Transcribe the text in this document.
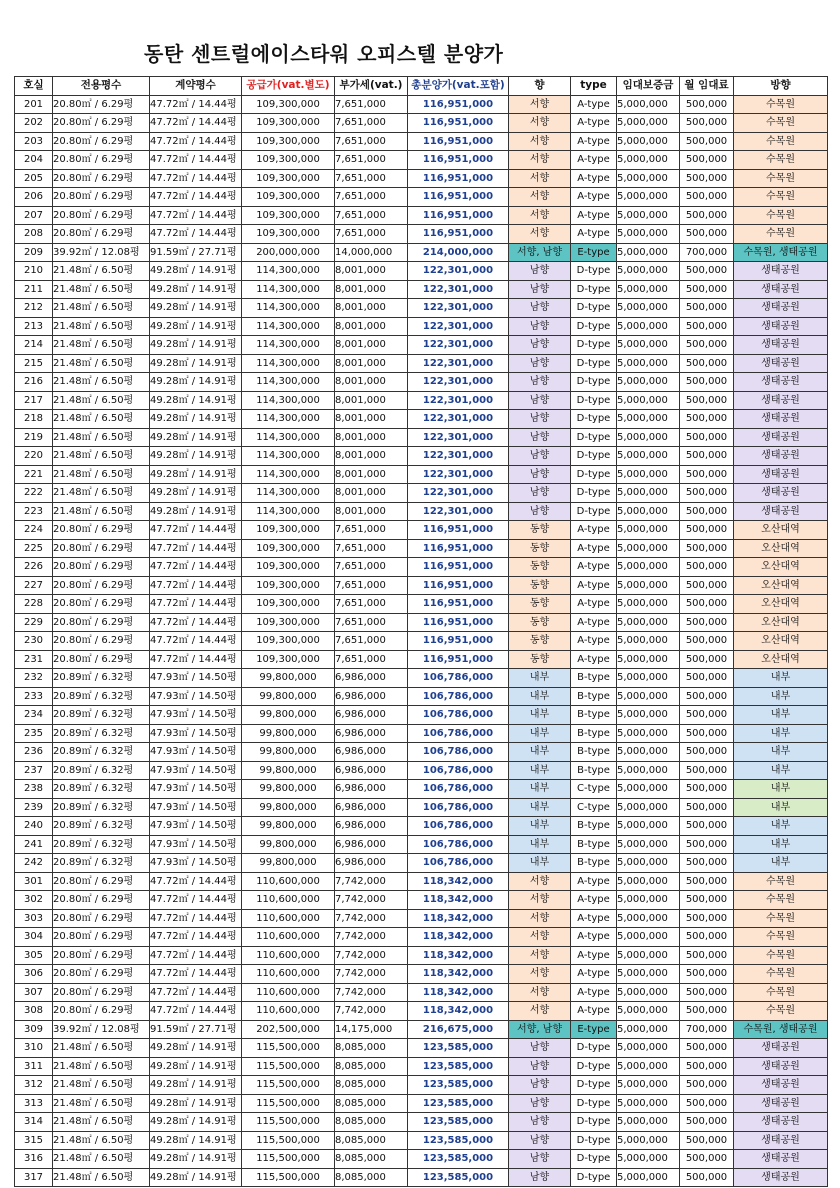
동탄 센트럴에이스타워 오피스텔 분양가
호실	전용평수	계약평수	공급가(vat.별도)	부가세(vat.)	총분양가(vat.포함)	향	type	임대보증금	월 임대료	방향
201	20.80㎡ / 6.29평	47.72㎡ / 14.44평	109,300,000	7,651,000	116,951,000	서향	A-type	5,000,000	500,000	수목원
202	20.80㎡ / 6.29평	47.72㎡ / 14.44평	109,300,000	7,651,000	116,951,000	서향	A-type	5,000,000	500,000	수목원
203	20.80㎡ / 6.29평	47.72㎡ / 14.44평	109,300,000	7,651,000	116,951,000	서향	A-type	5,000,000	500,000	수목원
204	20.80㎡ / 6.29평	47.72㎡ / 14.44평	109,300,000	7,651,000	116,951,000	서향	A-type	5,000,000	500,000	수목원
205	20.80㎡ / 6.29평	47.72㎡ / 14.44평	109,300,000	7,651,000	116,951,000	서향	A-type	5,000,000	500,000	수목원
206	20.80㎡ / 6.29평	47.72㎡ / 14.44평	109,300,000	7,651,000	116,951,000	서향	A-type	5,000,000	500,000	수목원
207	20.80㎡ / 6.29평	47.72㎡ / 14.44평	109,300,000	7,651,000	116,951,000	서향	A-type	5,000,000	500,000	수목원
208	20.80㎡ / 6.29평	47.72㎡ / 14.44평	109,300,000	7,651,000	116,951,000	서향	A-type	5,000,000	500,000	수목원
209	39.92㎡ / 12.08평	91.59㎡ / 27.71평	200,000,000	14,000,000	214,000,000	서향, 남향	E-type	5,000,000	700,000	수목원, 생태공원
210	21.48㎡ / 6.50평	49.28㎡ / 14.91평	114,300,000	8,001,000	122,301,000	남향	D-type	5,000,000	500,000	생태공원
211	21.48㎡ / 6.50평	49.28㎡ / 14.91평	114,300,000	8,001,000	122,301,000	남향	D-type	5,000,000	500,000	생태공원
212	21.48㎡ / 6.50평	49.28㎡ / 14.91평	114,300,000	8,001,000	122,301,000	남향	D-type	5,000,000	500,000	생태공원
213	21.48㎡ / 6.50평	49.28㎡ / 14.91평	114,300,000	8,001,000	122,301,000	남향	D-type	5,000,000	500,000	생태공원
214	21.48㎡ / 6.50평	49.28㎡ / 14.91평	114,300,000	8,001,000	122,301,000	남향	D-type	5,000,000	500,000	생태공원
215	21.48㎡ / 6.50평	49.28㎡ / 14.91평	114,300,000	8,001,000	122,301,000	남향	D-type	5,000,000	500,000	생태공원
216	21.48㎡ / 6.50평	49.28㎡ / 14.91평	114,300,000	8,001,000	122,301,000	남향	D-type	5,000,000	500,000	생태공원
217	21.48㎡ / 6.50평	49.28㎡ / 14.91평	114,300,000	8,001,000	122,301,000	남향	D-type	5,000,000	500,000	생태공원
218	21.48㎡ / 6.50평	49.28㎡ / 14.91평	114,300,000	8,001,000	122,301,000	남향	D-type	5,000,000	500,000	생태공원
219	21.48㎡ / 6.50평	49.28㎡ / 14.91평	114,300,000	8,001,000	122,301,000	남향	D-type	5,000,000	500,000	생태공원
220	21.48㎡ / 6.50평	49.28㎡ / 14.91평	114,300,000	8,001,000	122,301,000	남향	D-type	5,000,000	500,000	생태공원
221	21.48㎡ / 6.50평	49.28㎡ / 14.91평	114,300,000	8,001,000	122,301,000	남향	D-type	5,000,000	500,000	생태공원
222	21.48㎡ / 6.50평	49.28㎡ / 14.91평	114,300,000	8,001,000	122,301,000	남향	D-type	5,000,000	500,000	생태공원
223	21.48㎡ / 6.50평	49.28㎡ / 14.91평	114,300,000	8,001,000	122,301,000	남향	D-type	5,000,000	500,000	생태공원
224	20.80㎡ / 6.29평	47.72㎡ / 14.44평	109,300,000	7,651,000	116,951,000	동향	A-type	5,000,000	500,000	오산대역
225	20.80㎡ / 6.29평	47.72㎡ / 14.44평	109,300,000	7,651,000	116,951,000	동향	A-type	5,000,000	500,000	오산대역
226	20.80㎡ / 6.29평	47.72㎡ / 14.44평	109,300,000	7,651,000	116,951,000	동향	A-type	5,000,000	500,000	오산대역
227	20.80㎡ / 6.29평	47.72㎡ / 14.44평	109,300,000	7,651,000	116,951,000	동향	A-type	5,000,000	500,000	오산대역
228	20.80㎡ / 6.29평	47.72㎡ / 14.44평	109,300,000	7,651,000	116,951,000	동향	A-type	5,000,000	500,000	오산대역
229	20.80㎡ / 6.29평	47.72㎡ / 14.44평	109,300,000	7,651,000	116,951,000	동향	A-type	5,000,000	500,000	오산대역
230	20.80㎡ / 6.29평	47.72㎡ / 14.44평	109,300,000	7,651,000	116,951,000	동향	A-type	5,000,000	500,000	오산대역
231	20.80㎡ / 6.29평	47.72㎡ / 14.44평	109,300,000	7,651,000	116,951,000	동향	A-type	5,000,000	500,000	오산대역
232	20.89㎡ / 6.32평	47.93㎡ / 14.50평	99,800,000	6,986,000	106,786,000	내부	B-type	5,000,000	500,000	내부
233	20.89㎡ / 6.32평	47.93㎡ / 14.50평	99,800,000	6,986,000	106,786,000	내부	B-type	5,000,000	500,000	내부
234	20.89㎡ / 6.32평	47.93㎡ / 14.50평	99,800,000	6,986,000	106,786,000	내부	B-type	5,000,000	500,000	내부
235	20.89㎡ / 6.32평	47.93㎡ / 14.50평	99,800,000	6,986,000	106,786,000	내부	B-type	5,000,000	500,000	내부
236	20.89㎡ / 6.32평	47.93㎡ / 14.50평	99,800,000	6,986,000	106,786,000	내부	B-type	5,000,000	500,000	내부
237	20.89㎡ / 6.32평	47.93㎡ / 14.50평	99,800,000	6,986,000	106,786,000	내부	B-type	5,000,000	500,000	내부
238	20.89㎡ / 6.32평	47.93㎡ / 14.50평	99,800,000	6,986,000	106,786,000	내부	C-type	5,000,000	500,000	내부
239	20.89㎡ / 6.32평	47.93㎡ / 14.50평	99,800,000	6,986,000	106,786,000	내부	C-type	5,000,000	500,000	내부
240	20.89㎡ / 6.32평	47.93㎡ / 14.50평	99,800,000	6,986,000	106,786,000	내부	B-type	5,000,000	500,000	내부
241	20.89㎡ / 6.32평	47.93㎡ / 14.50평	99,800,000	6,986,000	106,786,000	내부	B-type	5,000,000	500,000	내부
242	20.89㎡ / 6.32평	47.93㎡ / 14.50평	99,800,000	6,986,000	106,786,000	내부	B-type	5,000,000	500,000	내부
301	20.80㎡ / 6.29평	47.72㎡ / 14.44평	110,600,000	7,742,000	118,342,000	서향	A-type	5,000,000	500,000	수목원
302	20.80㎡ / 6.29평	47.72㎡ / 14.44평	110,600,000	7,742,000	118,342,000	서향	A-type	5,000,000	500,000	수목원
303	20.80㎡ / 6.29평	47.72㎡ / 14.44평	110,600,000	7,742,000	118,342,000	서향	A-type	5,000,000	500,000	수목원
304	20.80㎡ / 6.29평	47.72㎡ / 14.44평	110,600,000	7,742,000	118,342,000	서향	A-type	5,000,000	500,000	수목원
305	20.80㎡ / 6.29평	47.72㎡ / 14.44평	110,600,000	7,742,000	118,342,000	서향	A-type	5,000,000	500,000	수목원
306	20.80㎡ / 6.29평	47.72㎡ / 14.44평	110,600,000	7,742,000	118,342,000	서향	A-type	5,000,000	500,000	수목원
307	20.80㎡ / 6.29평	47.72㎡ / 14.44평	110,600,000	7,742,000	118,342,000	서향	A-type	5,000,000	500,000	수목원
308	20.80㎡ / 6.29평	47.72㎡ / 14.44평	110,600,000	7,742,000	118,342,000	서향	A-type	5,000,000	500,000	수목원
309	39.92㎡ / 12.08평	91.59㎡ / 27.71평	202,500,000	14,175,000	216,675,000	서향, 남향	E-type	5,000,000	700,000	수목원, 생태공원
310	21.48㎡ / 6.50평	49.28㎡ / 14.91평	115,500,000	8,085,000	123,585,000	남향	D-type	5,000,000	500,000	생태공원
311	21.48㎡ / 6.50평	49.28㎡ / 14.91평	115,500,000	8,085,000	123,585,000	남향	D-type	5,000,000	500,000	생태공원
312	21.48㎡ / 6.50평	49.28㎡ / 14.91평	115,500,000	8,085,000	123,585,000	남향	D-type	5,000,000	500,000	생태공원
313	21.48㎡ / 6.50평	49.28㎡ / 14.91평	115,500,000	8,085,000	123,585,000	남향	D-type	5,000,000	500,000	생태공원
314	21.48㎡ / 6.50평	49.28㎡ / 14.91평	115,500,000	8,085,000	123,585,000	남향	D-type	5,000,000	500,000	생태공원
315	21.48㎡ / 6.50평	49.28㎡ / 14.91평	115,500,000	8,085,000	123,585,000	남향	D-type	5,000,000	500,000	생태공원
316	21.48㎡ / 6.50평	49.28㎡ / 14.91평	115,500,000	8,085,000	123,585,000	남향	D-type	5,000,000	500,000	생태공원
317	21.48㎡ / 6.50평	49.28㎡ / 14.91평	115,500,000	8,085,000	123,585,000	남향	D-type	5,000,000	500,000	생태공원
